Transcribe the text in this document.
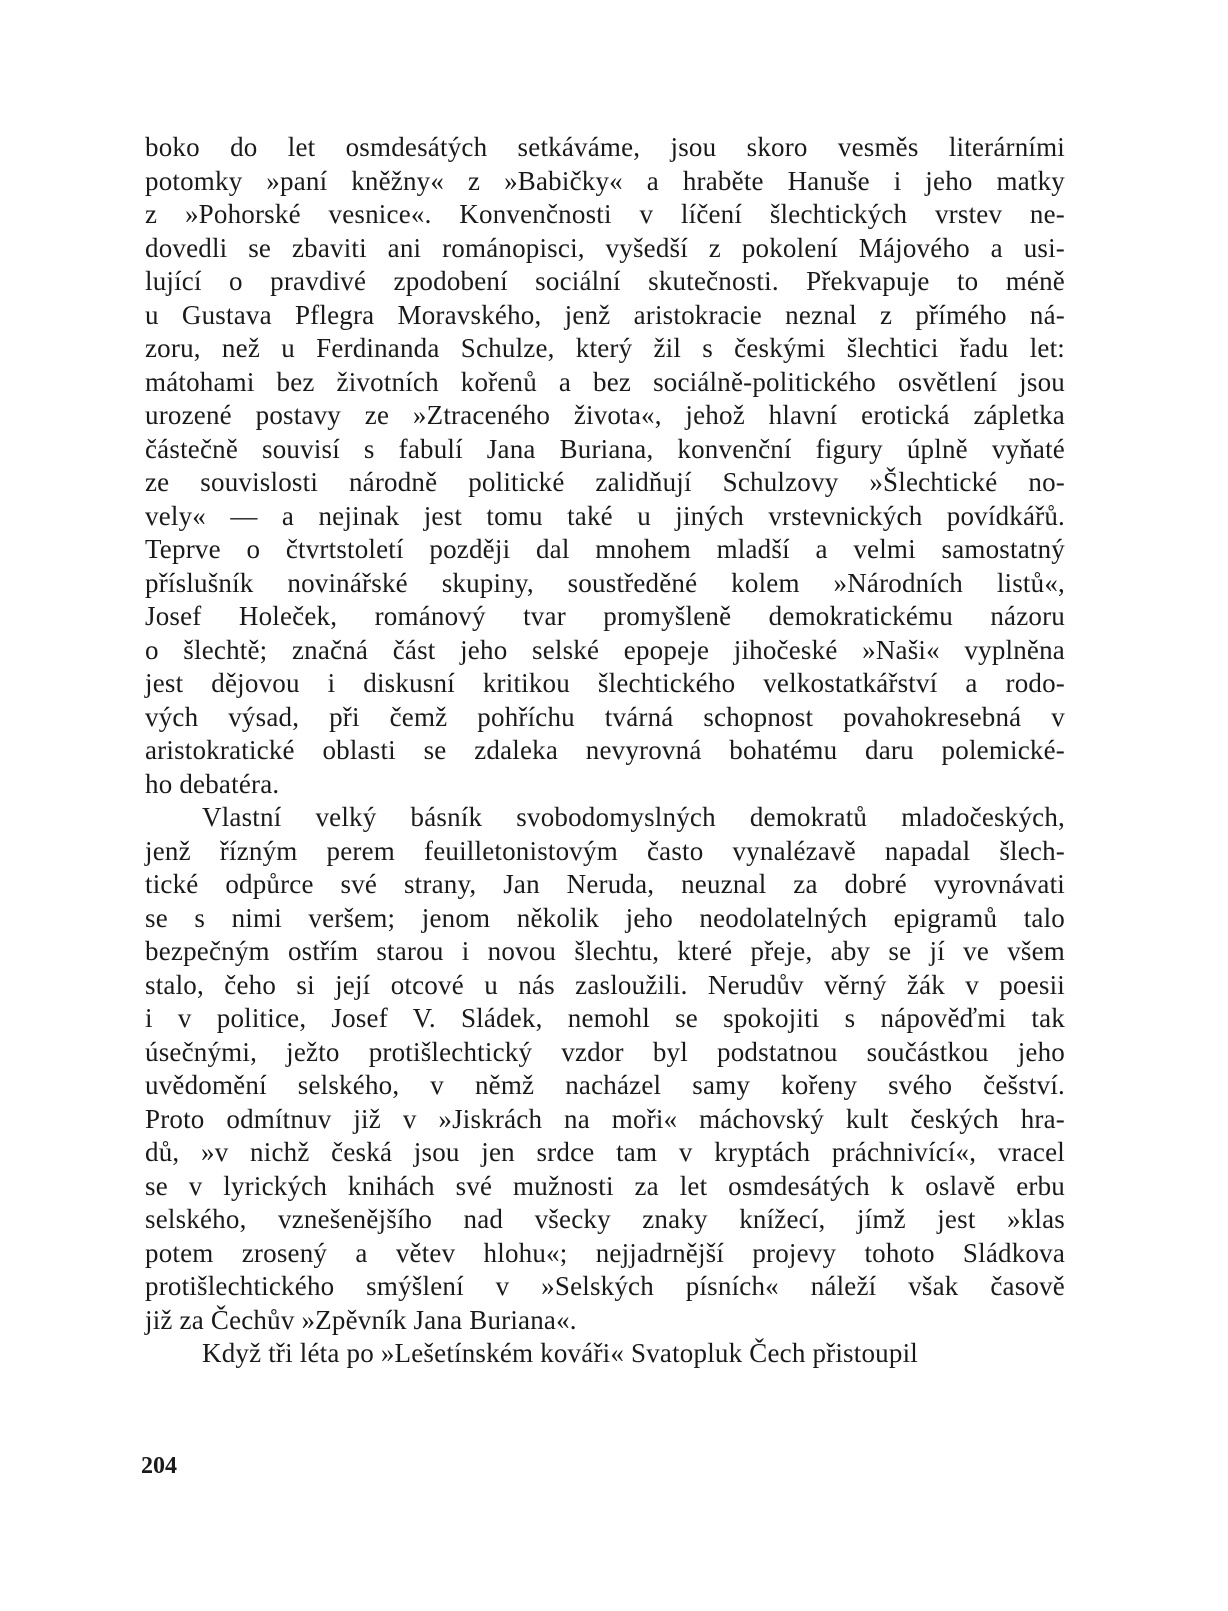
boko do let osmdesátých setkáváme, jsou skoro vesměs literárními
potomky »paní kněžny« z »Babičky« a hraběte Hanuše i jeho matky
z »Pohorské vesnice«. Konvenčnosti v líčení šlechtických vrstev ne-
dovedli se zbaviti ani románopisci, vyšedší z pokolení Májového a usi-
lující o pravdivé zpodobení sociální skutečnosti. Překvapuje to méně
u Gustava Pflegra Moravského, jenž aristokracie neznal z přímého ná-
zoru, než u Ferdinanda Schulze, který žil s českými šlechtici řadu let:
mátohami bez životních kořenů a bez sociálně-politického osvětlení jsou
urozené postavy ze »Ztraceného života«, jehož hlavní erotická zápletka
částečně souvisí s fabulí Jana Buriana, konvenční figury úplně vyňaté
ze souvislosti národně politické zalidňují Schulzovy »Šlechtické no-
vely« — a nejinak jest tomu také u jiných vrstevnických povídkářů.
Teprve o čtvrtstoletí později dal mnohem mladší a velmi samostatný
příslušník novinářské skupiny, soustředěné kolem »Národních listů«,
Josef Holeček, románový tvar promyšleně demokratickému názoru
o šlechtě; značná část jeho selské epopeje jihočeské »Naši« vyplněna
jest dějovou i diskusní kritikou šlechtického velkostatkářství a rodo-
vých výsad, při čemž pohříchu tvárná schopnost povahokresebná v
aristokratické oblasti se zdaleka nevyrovná bohatému daru polemické-
ho debatéra.
Vlastní velký básník svobodomyslných demokratů mladočeských,
jenž řízným perem feuilletonistovým často vynalézavě napadal šlech-
tické odpůrce své strany, Jan Neruda, neuznal za dobré vyrovnávati
se s nimi veršem; jenom několik jeho neodolatelných epigramů talo
bezpečným ostřím starou i novou šlechtu, které přeje, aby se jí ve všem
stalo, čeho si její otcové u nás zasloužili. Nerudův věrný žák v poesii
i v politice, Josef V. Sládek, nemohl se spokojiti s nápověďmi tak
úsečnými, ježto protišlechtický vzdor byl podstatnou součástkou jeho
uvědomění selského, v němž nacházel samy kořeny svého češství.
Proto odmítnuv již v »Jiskrách na moři« máchovský kult českých hra-
dů, »v nichž česká jsou jen srdce tam v kryptách práchnivící«, vracel
se v lyrických knihách své mužnosti za let osmdesátých k oslavě erbu
selského, vznešenějšího nad všecky znaky knížecí, jímž jest »klas
potem zrosený a větev hlohu«; nejjadrnější projevy tohoto Sládkova
protišlechtického smýšlení v »Selských písních« náleží však časově
již za Čechův »Zpěvník Jana Buriana«.
Když tři léta po »Lešetínském kováři« Svatopluk Čech přistoupil
204
